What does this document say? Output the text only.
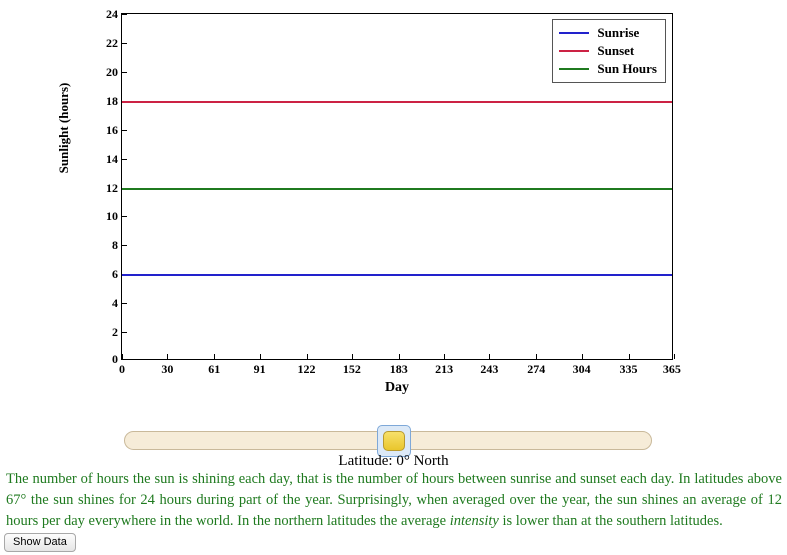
Sunlight (hours)
24
22
20
18
16
14
12
10
8
6
4
2
0
Sunrise
Sunset
Sun Hours
0	30	61	91	122	152	183	213	243	274	304	335	365
Day
Latitude: 0° North
The number of hours the sun is shining each day, that is the number of hours between sunrise and sunset each day. In latitudes above 67° the sun shines for 24 hours during part of the year. Surprisingly, when averaged over the year, the sun shines an average of 12 hours per day everywhere in the world. In the northern latitudes the average intensity is lower than at the southern latitudes.
Show Data
